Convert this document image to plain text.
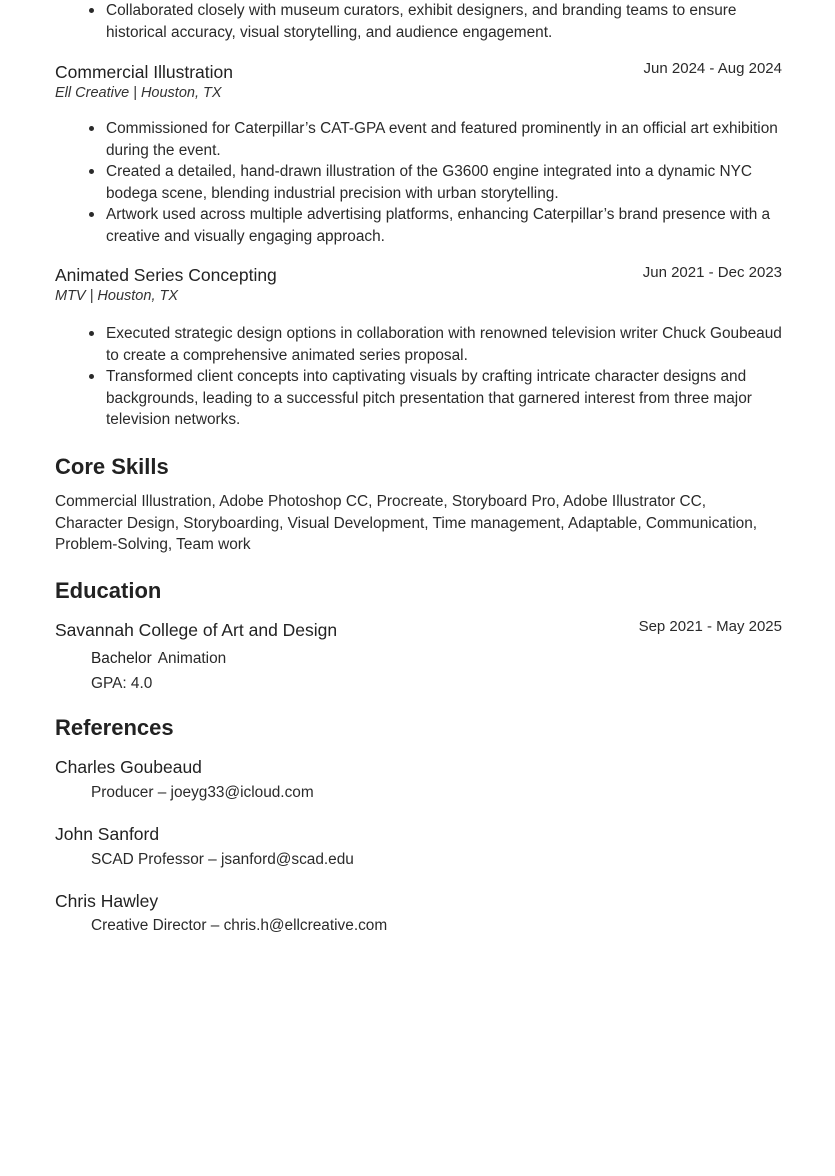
Collaborated closely with museum curators, exhibit designers, and branding teams to ensure historical accuracy, visual storytelling, and audience engagement.
Commercial Illustration
Ell Creative | Houston, TX
Jun 2024 - Aug 2024
Commissioned for Caterpillar’s CAT-GPA event and featured prominently in an official art exhibition during the event.
Created a detailed, hand-drawn illustration of the G3600 engine integrated into a dynamic NYC bodega scene, blending industrial precision with urban storytelling.
Artwork used across multiple advertising platforms, enhancing Caterpillar’s brand presence with a creative and visually engaging approach.
Animated Series Concepting
MTV | Houston, TX
Jun 2021 - Dec 2023
Executed strategic design options in collaboration with renowned television writer Chuck Goubeaud to create a comprehensive animated series proposal.
Transformed client concepts into captivating visuals by crafting intricate character designs and backgrounds, leading to a successful pitch presentation that garnered interest from three major television networks.
Core Skills
Commercial Illustration, Adobe Photoshop CC, Procreate, Storyboard Pro, Adobe Illustrator CC, Character Design, Storyboarding, Visual Development, Time management, Adaptable, Communication, Problem-Solving, Team work
Education
Savannah College of Art and Design	Sep 2021 - May 2025
Bachelor Animation
GPA: 4.0
References
Charles Goubeaud
Producer – joeyg33@icloud.com
John Sanford
SCAD Professor – jsanford@scad.edu
Chris Hawley
Creative Director – chris.h@ellcreative.com
